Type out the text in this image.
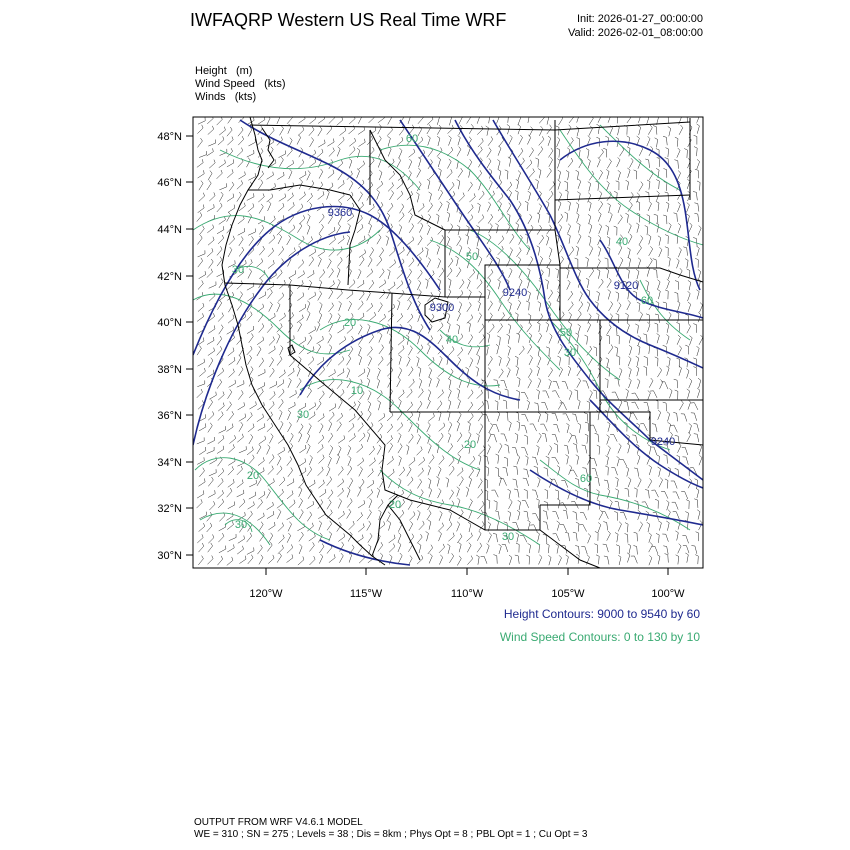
IWFAQRP Western US Real Time WRF	Init: 2026-01-27_00:00:00
Valid: 2026-02-01_08:00:00
Height   (m)
Wind Speed   (kts)
Winds   (kts)
9360
9300
9240
9120
9240
30
60
20
10
20
30
50
40
20
50
30
60
60
20
30
30
40
48°N
46°N
44°N
42°N
40°N
38°N
36°N
34°N
32°N
30°N
120°W	115°W	110°W	105°W	100°W
Height Contours: 9000 to 9540 by 60
Wind Speed Contours: 0 to 130 by 10
OUTPUT FROM WRF V4.6.1 MODEL
WE = 310 ; SN = 275 ; Levels = 38 ; Dis = 8km ; Phys Opt = 8 ; PBL Opt = 1 ; Cu Opt = 3
